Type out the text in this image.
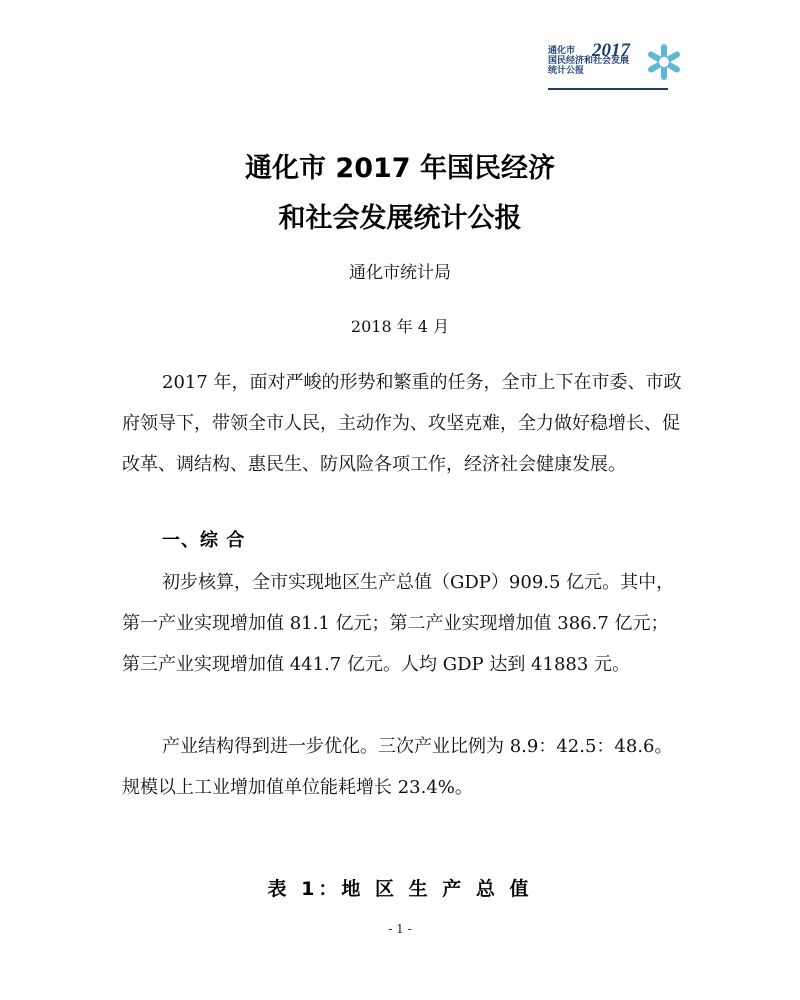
通化市
国民经济和社会发展
统计公报
2017
通化市 2017 年国民经济
和社会发展统计公报
通化市统计局
2018 年 4 月
2017 年，面对严峻的形势和繁重的任务，全市上下在市委、市政府领导下，带领全市人民，主动作为、攻坚克难，全力做好稳增长、促改革、调结构、惠民生、防风险各项工作，经济社会健康发展。
一、综 合
初步核算，全市实现地区生产总值（GDP）909.5 亿元。其中，第一产业实现增加值 81.1 亿元；第二产业实现增加值 386.7 亿元；第三产业实现增加值 441.7 亿元。人均 GDP 达到 41883 元。
产业结构得到进一步优化。三次产业比例为 8.9：42.5：48.6。规模以上工业增加值单位能耗增长 23.4%。
表 1：地 区 生 产 总 值
- 1 -
